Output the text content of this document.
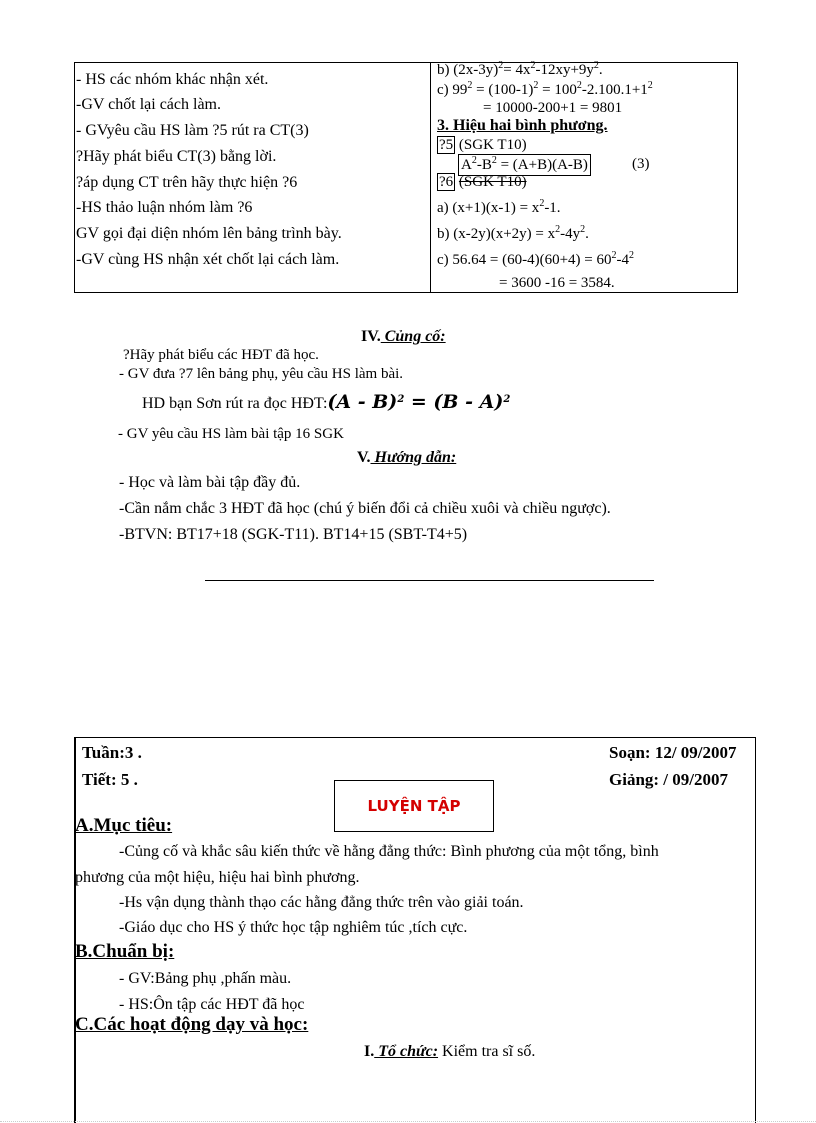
- HS các nhóm khác nhận xét.
-GV chốt lại cách làm.
- GVyêu cầu HS làm ?5 rút ra CT(3)
?Hãy phát biểu CT(3) bằng lời.
?áp dụng CT trên hãy thực hiện ?6
-HS thảo luận nhóm làm ?6
GV gọi đại diện nhóm lên bảng trình bày.
-GV cùng HS nhận xét chốt lại cách làm.
b) $(2x-3y)^2= 4x^2-12xy+9y^2$.
c) $99^2 = (100-1)^2 = 100^2-2.100.1+1^2$
= 10000-200+1 = 9801
3. Hiệu hai bình phương.
?5 (SGK T10)
$A^2-B^2 = (A+B)(A-B)$	(3)
?6 (SGK T10)
a) $(x+1)(x-1) = x^2-1$.
b) $(x-2y)(x+2y) = x^2-4y^2$.
c) $56.64 = (60-4)(60+4) = 60^2-4^2$
= 3600 -16 = 3584.
IV. Củng cố:
?Hãy phát biểu các HĐT đã học.
- GV đưa ?7 lên bảng phụ, yêu cầu HS làm bài.
HD bạn Sơn rút ra đọc HĐT:(A - B)$^2$ = (B - A)$^2$
- GV yêu cầu HS làm bài tập 16 SGK
V. Hướng dẫn:
- Học và làm bài tập đầy đủ.
-Cần nắm chắc 3 HĐT đã học (chú ý biến đổi cả chiều xuôi và chiều ngược).
-BTVN: BT17+18 (SGK-T11). BT14+15 (SBT-T4+5)
Tuần:3 .
Tiết: 5 .
Soạn: 12/ 09/2007
Giảng: / 09/2007
LUYỆN TẬP
A.Mục tiêu:
-Củng cố và khắc sâu kiến thức về hằng đẳng thức: Bình phương của một tổng, bình
phương của một hiệu, hiệu hai bình phương.
-Hs vận dụng thành thạo các hằng đẳng thức trên vào giải toán.
-Giáo dục cho HS ý thức học tập nghiêm túc ,tích cực.
B.Chuẩn bị:
- GV:Bảng phụ ,phấn màu.
- HS:Ôn tập các HĐT đã học
C.Các hoạt động dạy và học:
I. Tổ chức: Kiểm tra sĩ số.
